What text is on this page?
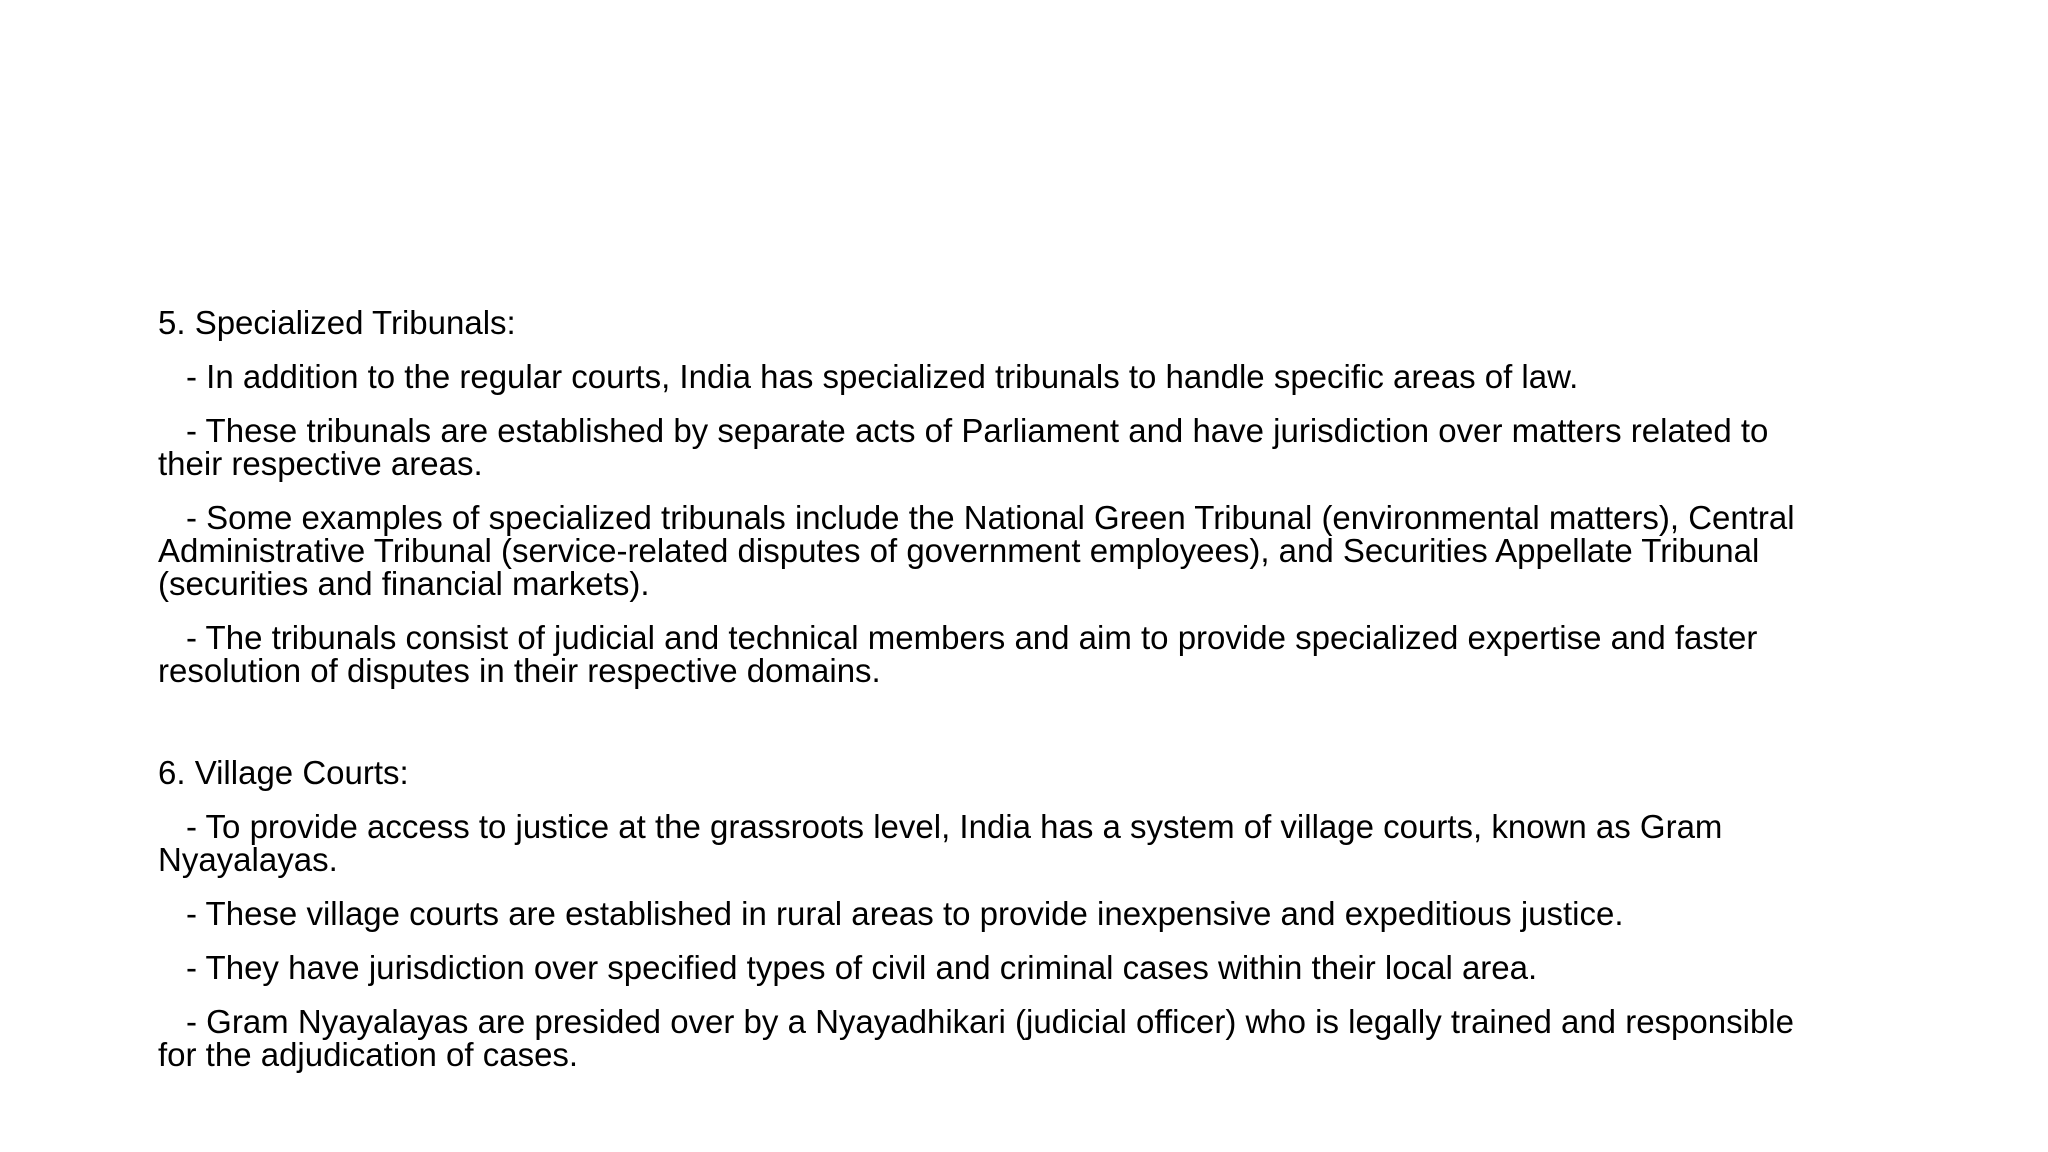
5. Specialized Tribunals:

- In addition to the regular courts, India has specialized tribunals to handle specific areas of law.

- These tribunals are established by separate acts of Parliament and have jurisdiction over matters related to their respective areas.

- Some examples of specialized tribunals include the National Green Tribunal (environmental matters), Central Administrative Tribunal (service-related disputes of government employees), and Securities Appellate Tribunal (securities and financial markets).

- The tribunals consist of judicial and technical members and aim to provide specialized expertise and faster resolution of disputes in their respective domains.

6. Village Courts:

- To provide access to justice at the grassroots level, India has a system of village courts, known as Gram Nyayalayas.

- These village courts are established in rural areas to provide inexpensive and expeditious justice.

- They have jurisdiction over specified types of civil and criminal cases within their local area.

- Gram Nyayalayas are presided over by a Nyayadhikari (judicial officer) who is legally trained and responsible for the adjudication of cases.
